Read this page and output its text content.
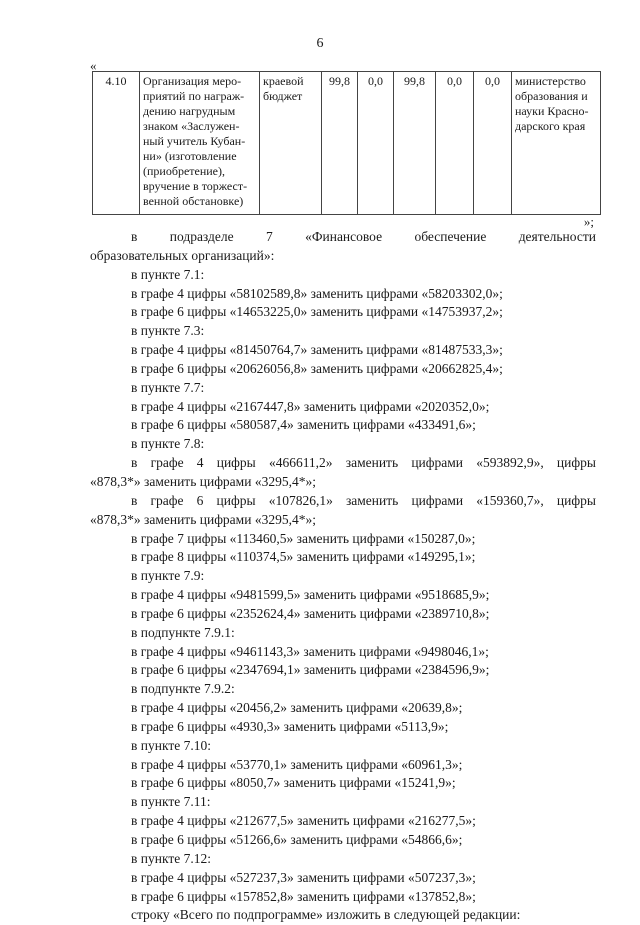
6
«
4.10	Организация меро-
приятий по награж-
дению нагрудным
знаком «Заслужен-
ный учитель Кубан-
ни» (изготовление
(приобретение),
вручение в торжест-
венной обстановке)	краевой
бюджет	99,8	0,0	99,8	0,0	0,0	министерство
образования и
науки Красно-
дарского края
»;
в подразделе 7 «Финансовое обеспечение деятельности
образовательных организаций»:
в пункте 7.1:
в графе 4 цифры «58102589,8» заменить цифрами «58203302,0»;
в графе 6 цифры «14653225,0» заменить цифрами «14753937,2»;
в пункте 7.3:
в графе 4 цифры «81450764,7» заменить цифрами «81487533,3»;
в графе 6 цифры «20626056,8» заменить цифрами «20662825,4»;
в пункте 7.7:
в графе 4 цифры «2167447,8» заменить цифрами «2020352,0»;
в графе 6 цифры «580587,4» заменить цифрами «433491,6»;
в пункте 7.8:
в графе 4 цифры «466611,2» заменить цифрами «593892,9», цифры
«878,3*» заменить цифрами «3295,4*»;
в графе 6 цифры «107826,1» заменить цифрами «159360,7», цифры
«878,3*» заменить цифрами «3295,4*»;
в графе 7 цифры «113460,5» заменить цифрами «150287,0»;
в графе 8 цифры «110374,5» заменить цифрами «149295,1»;
в пункте 7.9:
в графе 4 цифры «9481599,5» заменить цифрами «9518685,9»;
в графе 6 цифры «2352624,4» заменить цифрами «2389710,8»;
в подпункте 7.9.1:
в графе 4 цифры «9461143,3» заменить цифрами «9498046,1»;
в графе 6 цифры «2347694,1» заменить цифрами «2384596,9»;
в подпункте 7.9.2:
в графе 4 цифры «20456,2» заменить цифрами «20639,8»;
в графе 6 цифры «4930,3» заменить цифрами «5113,9»;
в пункте 7.10:
в графе 4 цифры «53770,1» заменить цифрами «60961,3»;
в графе 6 цифры «8050,7» заменить цифрами «15241,9»;
в пункте 7.11:
в графе 4 цифры «212677,5» заменить цифрами «216277,5»;
в графе 6 цифры «51266,6» заменить цифрами «54866,6»;
в пункте 7.12:
в графе 4 цифры «527237,3» заменить цифрами «507237,3»;
в графе 6 цифры «157852,8» заменить цифрами «137852,8»;
строку «Всего по подпрограмме» изложить в следующей редакции:
